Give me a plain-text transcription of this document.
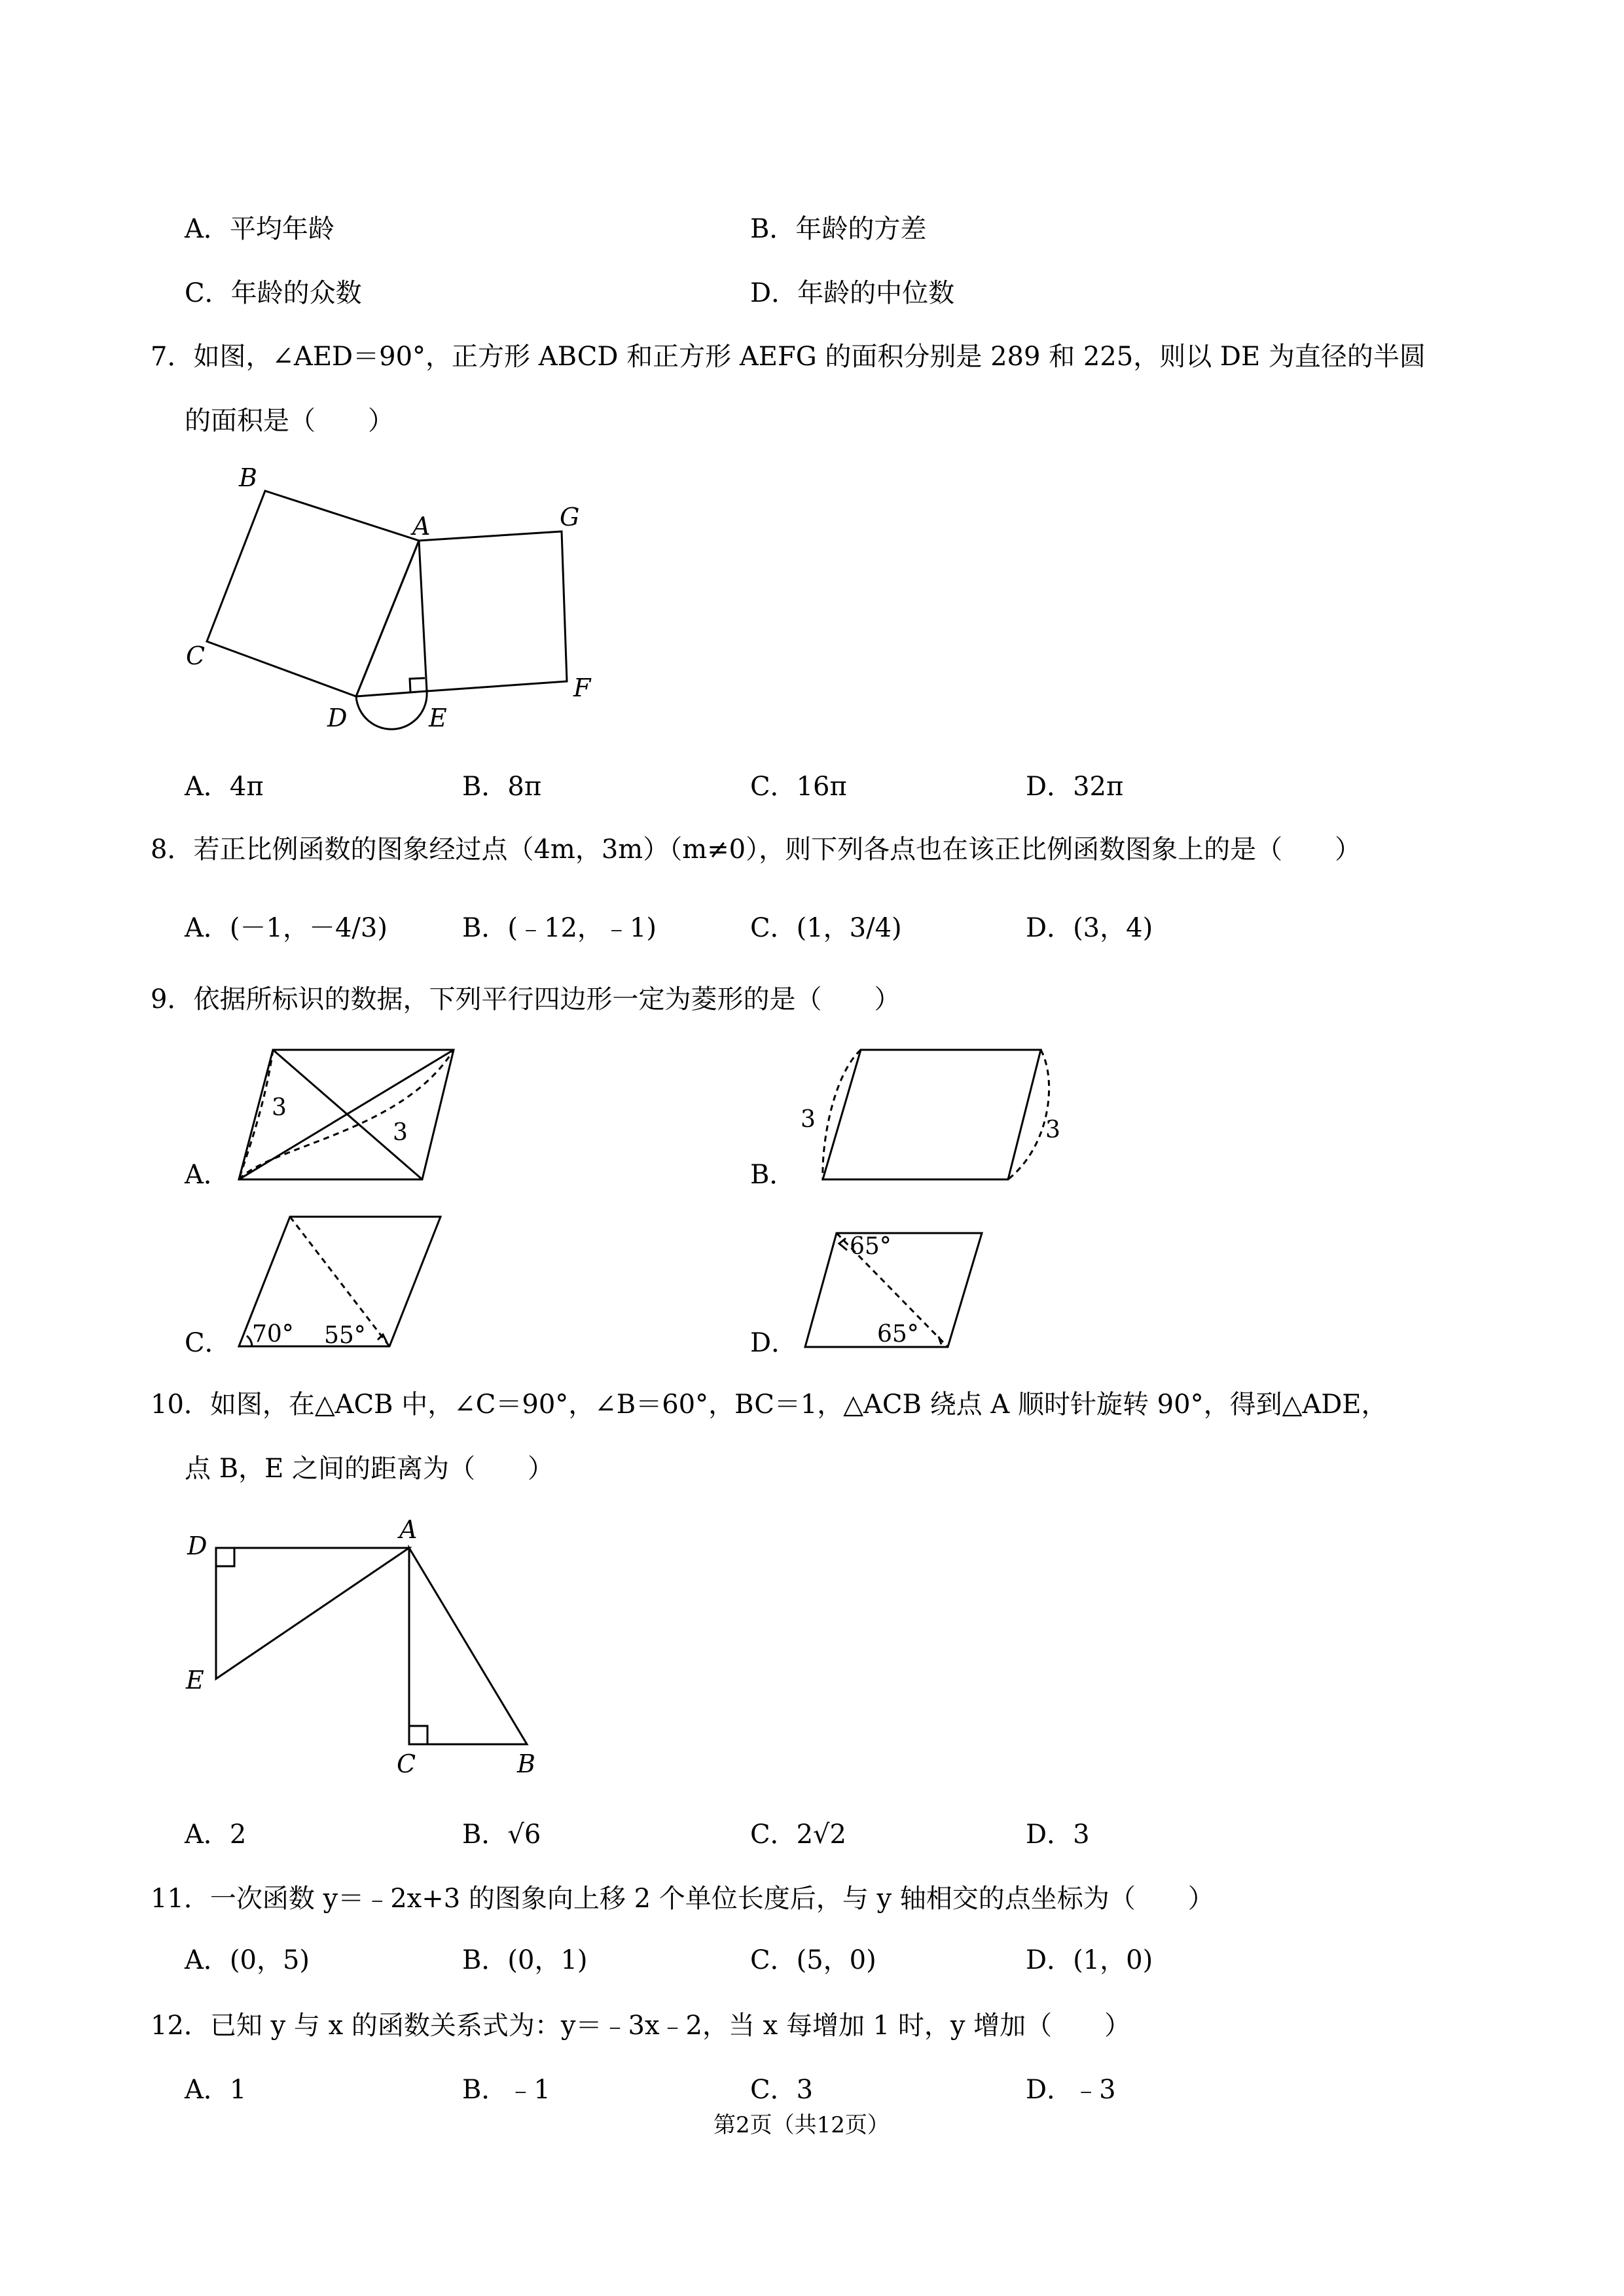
A．平均年龄	B．年龄的方差
C．年龄的众数	D．年龄的中位数
7．如图，∠AED＝90°，正方形 ABCD 和正方形 AEFG 的面积分别是 289 和 225，则以 DE 为直径的半圆
的面积是（　　）
B
A	G
C
F
D	E
A．4π	B．8π	C．16π	D．32π
8．若正比例函数的图象经过点（4m，3m）（m≠0），则下列各点也在该正比例函数图象上的是（　　）
A．(－1，－4/3)	B．(﹣12，﹣1)	C．(1，3/4)	D．(3，4)
9．依据所标识的数据，下列平行四边形一定为菱形的是（　　）
A．
3
3
B．
3	3
C． 70° 55°	D．
65°
65°
10．如图，在△ACB 中，∠C＝90°，∠B＝60°，BC＝1，△ACB 绕点 A 顺时针旋转 90°，得到△ADE，
点 B，E 之间的距离为（　　）
D
A
E
C	B
A．2	B．√6	C．2√2	D．3
11．一次函数 y＝﹣2x+3 的图象向上移 2 个单位长度后，与 y 轴相交的点坐标为（　　）
A．(0，5)	B．(0，1)	C．(5，0)	D．(1，0)
12．已知 y 与 x 的函数关系式为：y＝﹣3x﹣2，当 x 每增加 1 时，y 增加（　　）
A．1	B．﹣1	C．3	D．﹣3
第2页（共12页）
